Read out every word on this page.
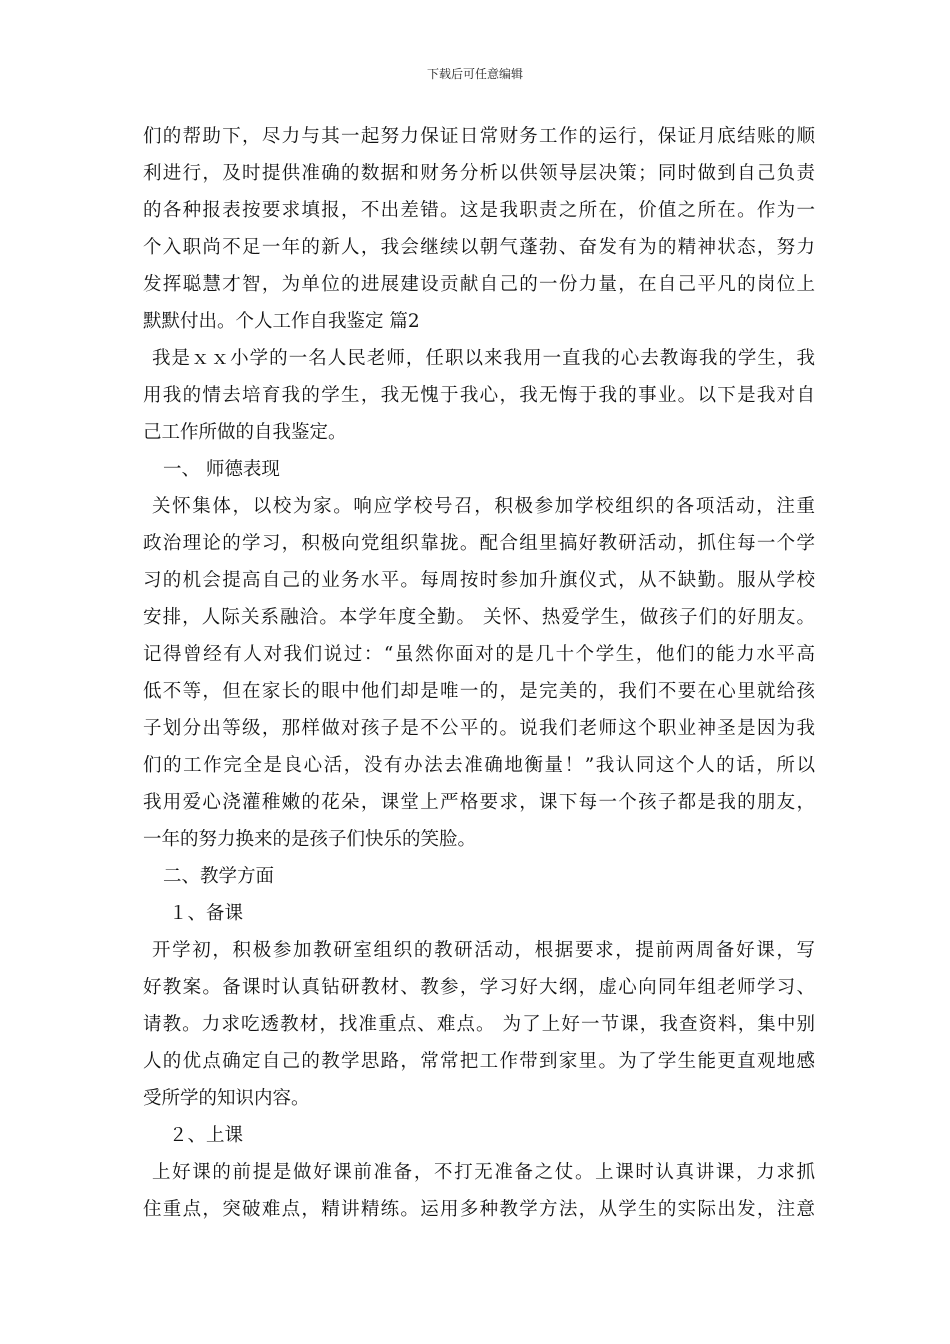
下载后可任意编辑
们的帮助下，尽力与其一起努力保证日常财务工作的运行，保证月底结账的顺
利进行，及时提供准确的数据和财务分析以供领导层决策；同时做到自己负责
的各种报表按要求填报，不出差错。这是我职责之所在，价值之所在。作为一
个入职尚不足一年的新人，我会继续以朝气蓬勃、奋发有为的精神状态，努力
发挥聪慧才智，为单位的进展建设贡献自己的一份力量，在自己平凡的岗位上
默默付出。个人工作自我鉴定 篇2
我是ｘｘ小学的一名人民老师，任职以来我用一直我的心去教诲我的学生，我
用我的情去培育我的学生，我无愧于我心，我无悔于我的事业。以下是我对自
己工作所做的自我鉴定。
一、 师德表现
关怀集体，以校为家。响应学校号召，积极参加学校组织的各项活动，注重
政治理论的学习，积极向党组织靠拢。配合组里搞好教研活动，抓住每一个学
习的机会提高自己的业务水平。每周按时参加升旗仪式，从不缺勤。服从学校
安排，人际关系融洽。本学年度全勤。 关怀、热爱学生，做孩子们的好朋友。
记得曾经有人对我们说过：“虽然你面对的是几十个学生，他们的能力水平高
低不等，但在家长的眼中他们却是唯一的，是完美的，我们不要在心里就给孩
子划分出等级，那样做对孩子是不公平的。说我们老师这个职业神圣是因为我
们的工作完全是良心活，没有办法去准确地衡量！”我认同这个人的话，所以
我用爱心浇灌稚嫩的花朵，课堂上严格要求，课下每一个孩子都是我的朋友，
一年的努力换来的是孩子们快乐的笑脸。
二、教学方面
１、备课
开学初，积极参加教研室组织的教研活动，根据要求，提前两周备好课，写
好教案。备课时认真钻研教材、教参，学习好大纲，虚心向同年组老师学习、
请教。力求吃透教材，找准重点、难点。 为了上好一节课，我查资料，集中别
人的优点确定自己的教学思路，常常把工作带到家里。为了学生能更直观地感
受所学的知识内容。
２、上课
上好课的前提是做好课前准备，不打无准备之仗。上课时认真讲课，力求抓
住重点，突破难点，精讲精练。运用多种教学方法，从学生的实际出发，注意
